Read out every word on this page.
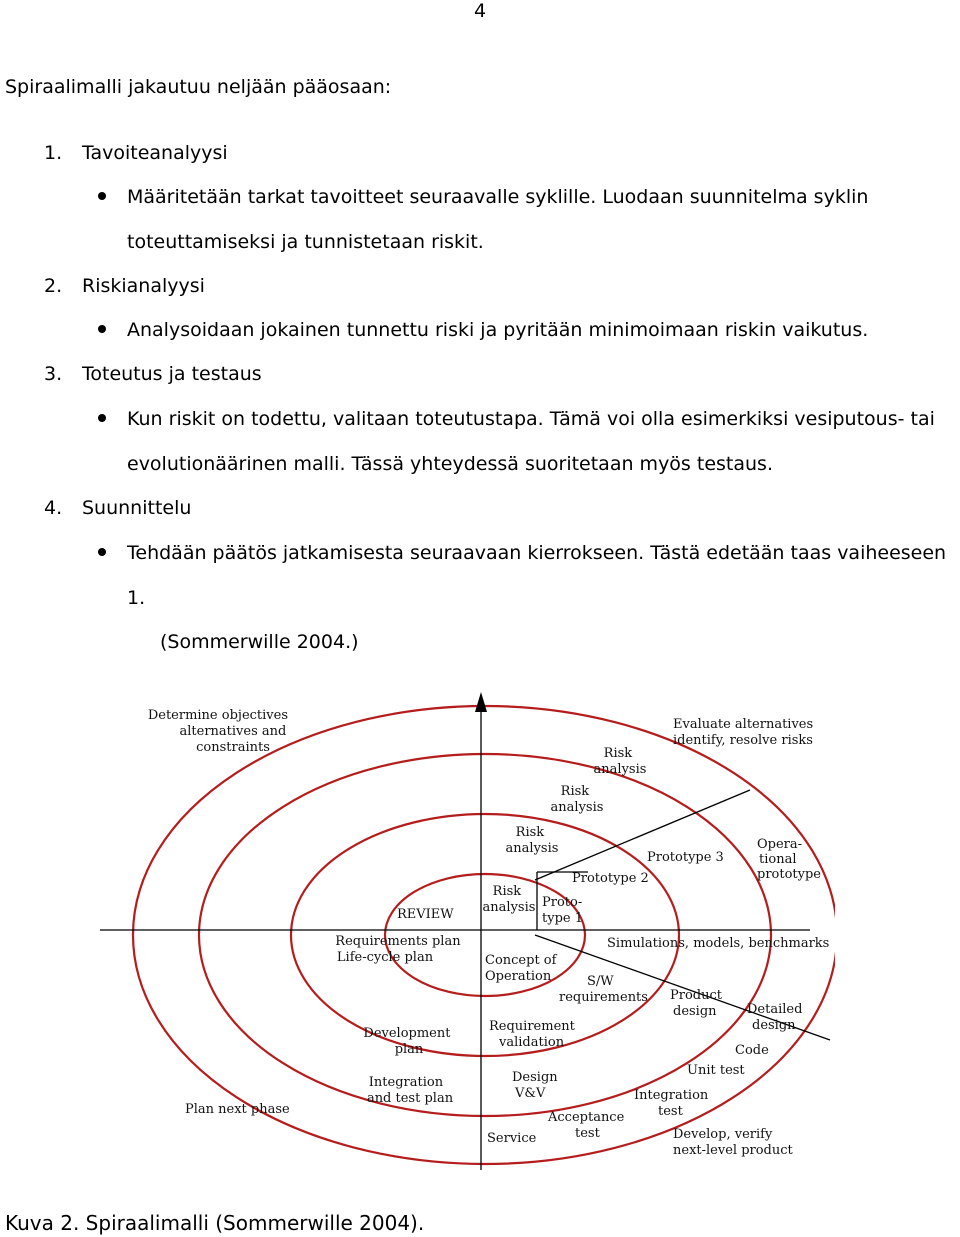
4
Spiraalimalli jakautuu neljään pääosaan:
1. Tavoiteanalyysi
Määritetään tarkat tavoitteet seuraavalle syklille. Luodaan suunnitelma syklin
toteuttamiseksi ja tunnistetaan riskit.
2. Riskianalyysi
Analysoidaan jokainen tunnettu riski ja pyritään minimoimaan riskin vaikutus.
3. Toteutus ja testaus
Kun riskit on todettu, valitaan toteutustapa. Tämä voi olla esimerkiksi vesiputous- tai
evolutionäärinen malli. Tässä yhteydessä suoritetaan myös testaus.
4. Suunnittelu
Tehdään päätös jatkamisesta seuraavaan kierrokseen. Tästä edetään taas vaiheeseen
1.
(Sommerwille 2004.)
Determine objectives alternatives and constraints
Evaluate alternatives identify, resolve risks
Risk analysis
Risk analysis
Risk analysis
Risk analysis Proto- type 1
Prototype 2
Prototype 3
Opera- tional prototype
REVIEW
Requirements plan Life-cycle plan
Simulations, models, benchmarks
Concept of Operation	S/W requirements Product design	Detailed design
Development plan
Requirement validation
Code
Unit test
Integration and test plan
Design V&V	Integration test
Plan next phase
Acceptance test
Service	Develop, verify next-level product
Kuva 2. Spiraalimalli (Sommerwille 2004).
